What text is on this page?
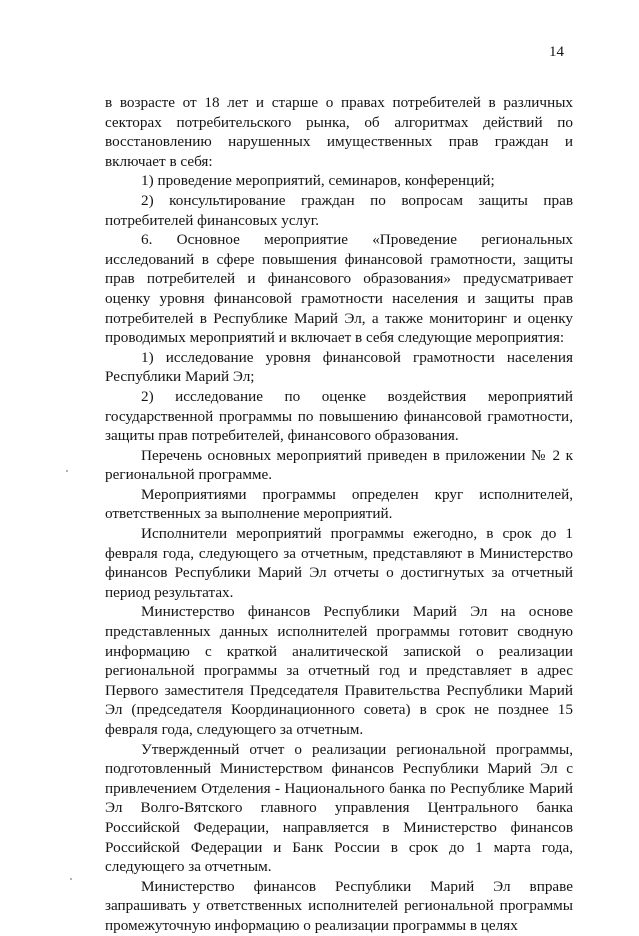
14

в возрасте от 18 лет и старше о правах потребителей в различных секторах потребительского рынка, об алгоритмах действий по восстановлению нарушенных имущественных прав граждан и включает в себя:

1) проведение мероприятий, семинаров, конференций;

2) консультирование граждан по вопросам защиты прав потребителей финансовых услуг.

6. Основное мероприятие «Проведение региональных исследований в сфере повышения финансовой грамотности, защиты прав потребителей и финансового образования» предусматривает оценку уровня финансовой грамотности населения и защиты прав потребителей в Республике Марий Эл, а также мониторинг и оценку проводимых мероприятий и включает в себя следующие мероприятия:

1) исследование уровня финансовой грамотности населения Республики Марий Эл;

2) исследование по оценке воздействия мероприятий государственной программы по повышению финансовой грамотности, защиты прав потребителей, финансового образования.

Перечень основных мероприятий приведен в приложении № 2 к региональной программе.

Мероприятиями программы определен круг исполнителей, ответственных за выполнение мероприятий.

Исполнители мероприятий программы ежегодно, в срок до 1 февраля года, следующего за отчетным, представляют в Министерство финансов Республики Марий Эл отчеты о достигнутых за отчетный период результатах.

Министерство финансов Республики Марий Эл на основе представленных данных исполнителей программы готовит сводную информацию с краткой аналитической запиской о реализации региональной программы за отчетный год и представляет в адрес Первого заместителя Председателя Правительства Республики Марий Эл (председателя Координационного совета) в срок не позднее 15 февраля года, следующего за отчетным.

Утвержденный отчет о реализации региональной программы, подготовленный Министерством финансов Республики Марий Эл с привлечением Отделения - Национального банка по Республике Марий Эл Волго-Вятского главного управления Центрального банка Российской Федерации, направляется в Министерство финансов Российской Федерации и Банк России в срок до 1 марта года, следующего за отчетным.

Министерство финансов Республики Марий Эл вправе запрашивать у ответственных исполнителей региональной программы промежуточную информацию о реализации программы в целях
